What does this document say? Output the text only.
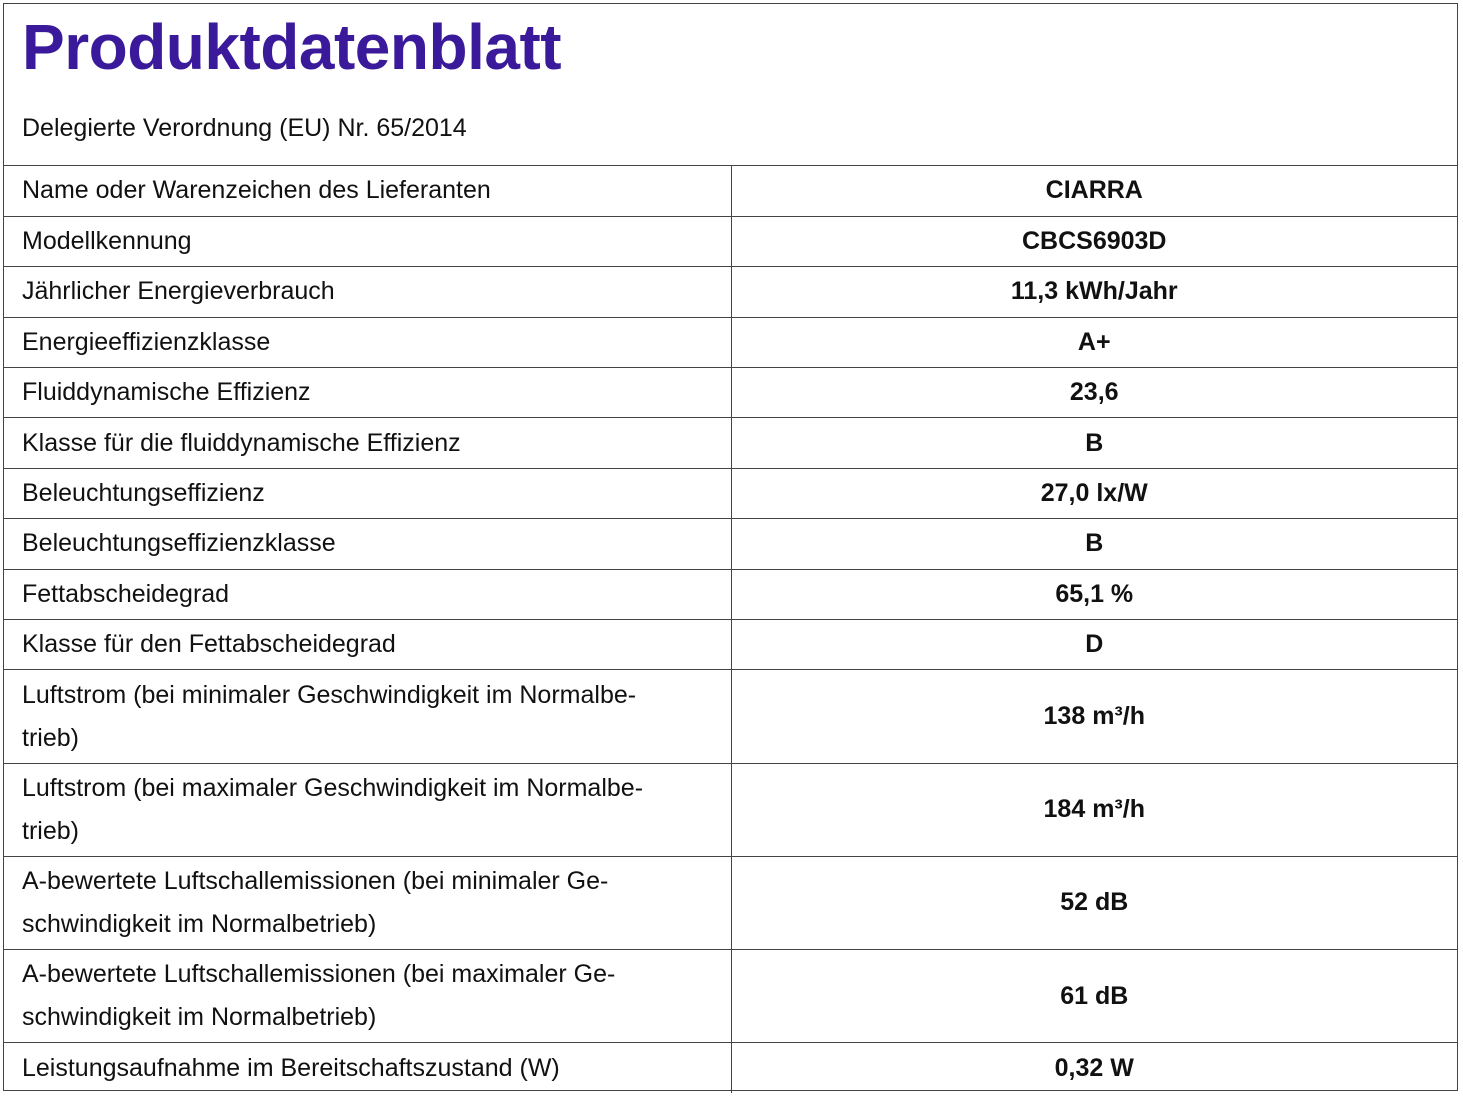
Produktdatenblatt
Delegierte Verordnung (EU) Nr. 65/2014
Name oder Warenzeichen des Lieferanten	CIARRA
Modellkennung	CBCS6903D
Jährlicher Energieverbrauch	11,3 kWh/Jahr
Energieeffizienzklasse	A+
Fluiddynamische Effizienz	23,6
Klasse für die fluiddynamische Effizienz	B
Beleuchtungseffizienz	27,0 lx/W
Beleuchtungseffizienzklasse	B
Fettabscheidegrad	65,1 %
Klasse für den Fettabscheidegrad	D

Luftstrom (bei minimaler Geschwindigkeit im Normalbe-
trieb)	138 m³/h

Luftstrom (bei maximaler Geschwindigkeit im Normalbe-
trieb)	184 m³/h

A-bewertete Luftschallemissionen (bei minimaler Ge-
schwindigkeit im Normalbetrieb)	52 dB

A-bewertete Luftschallemissionen (bei maximaler Ge-
schwindigkeit im Normalbetrieb)	61 dB
Leistungsaufnahme im Bereitschaftszustand (W)	0,32 W
